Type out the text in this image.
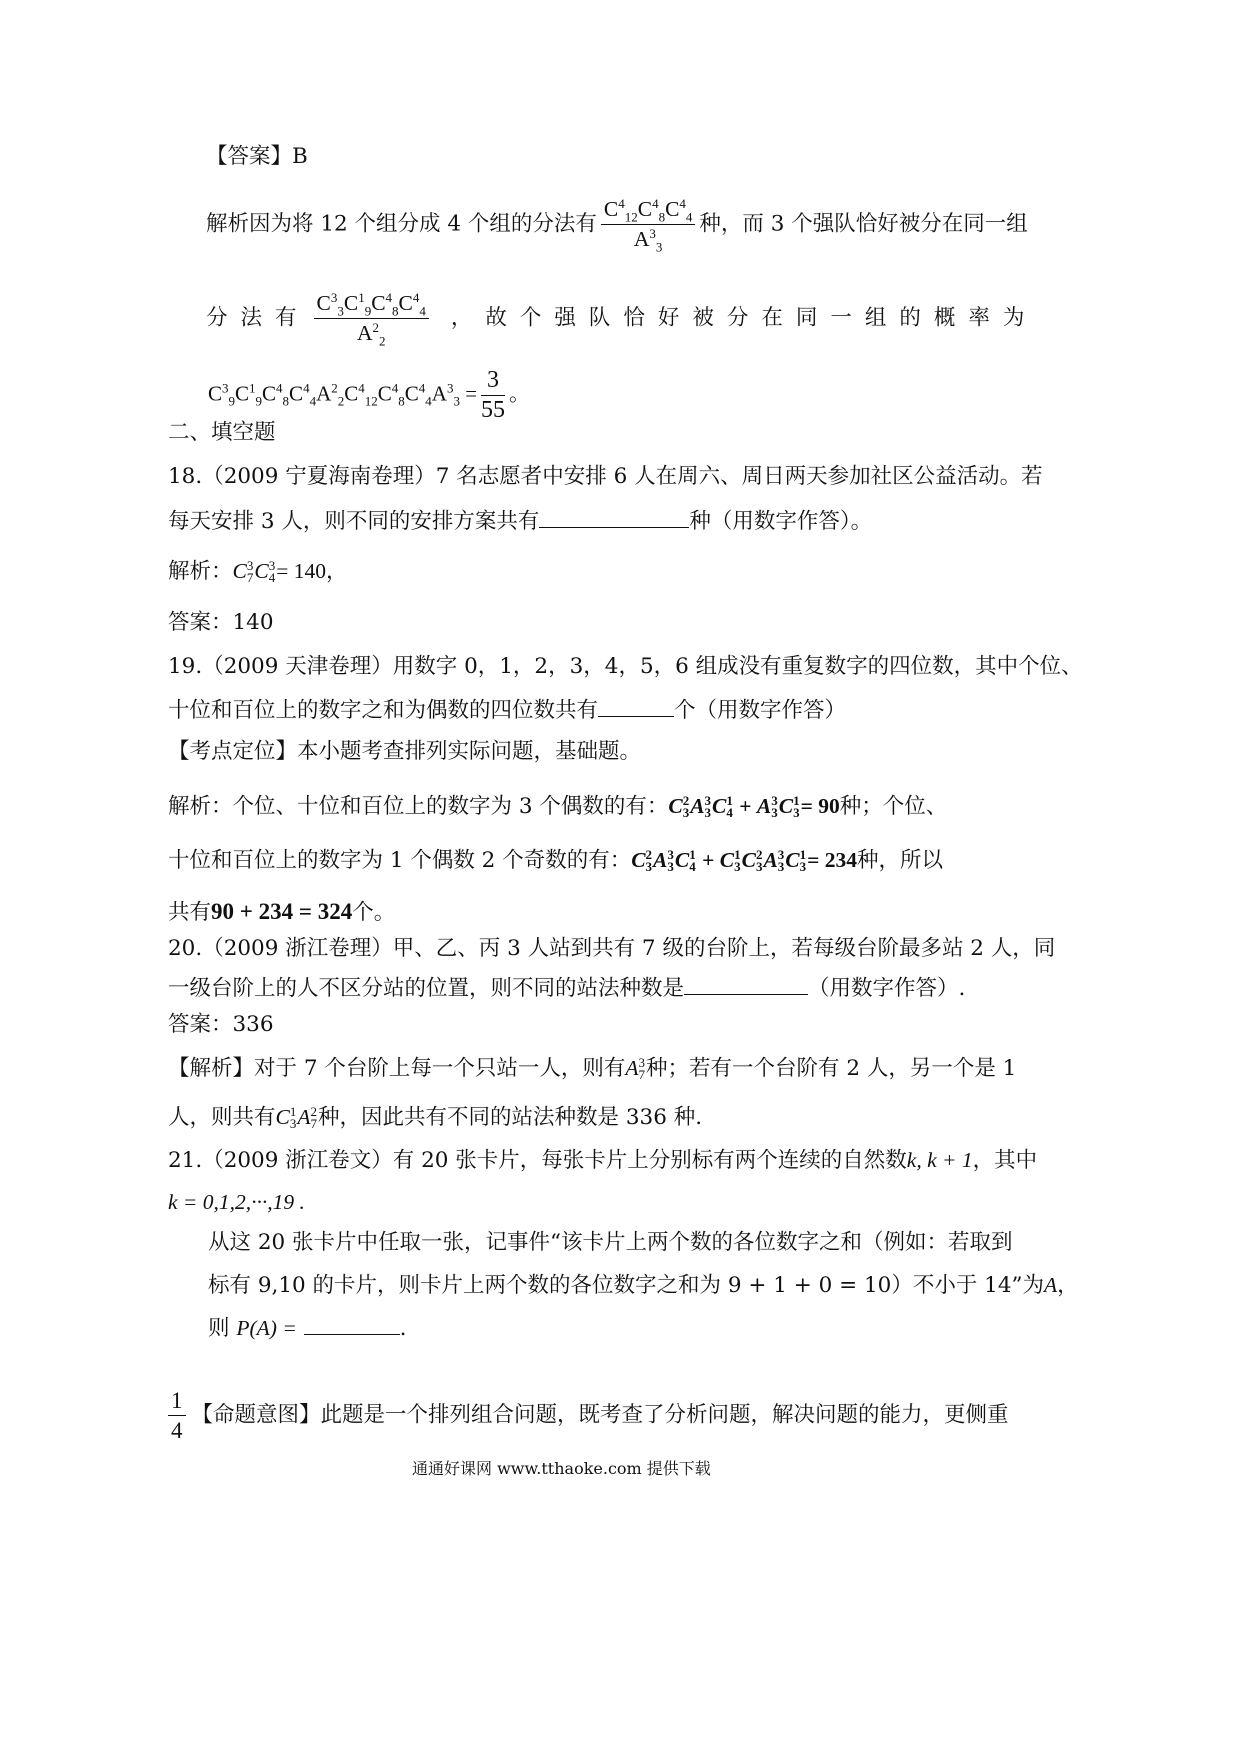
【答案】B
解析因为将 12 个组分成 4 个组的分法有 $\frac{C^4_{12}C^4_8C^4_4}{A^3_3}$ 种，而 3 个强队恰好被分在同一组
分法有 $\frac{C^3_3C^1_9C^4_8C^4_4}{A^2_2}$ ，故个强队恰好被分在同一组的概率为
$C^3_9C^1_9C^4_8C^4_4A^2_2C^4_{12}C^4_8C^4_4A^3_3 = \frac{3}{55}$ 。
二、填空题
18.（2009 宁夏海南卷理）7 名志愿者中安排 6 人在周六、周日两天参加社区公益活动。若
每天安排 3 人，则不同的安排方案共有	种（用数字作答）。
解析：C 3
7 C 3
4 = 140，
答案：140
19.（2009 天津卷理）用数字 0，1，2，3，4，5，6 组成没有重复数字的四位数，其中个位、
十位和百位上的数字之和为偶数的四位数共有	个（用数字作答）
【考点定位】本小题考查排列实际问题，基础题。
解析：个位、十位和百位上的数字为 3 个偶数的有：C 2
3 A 3
3 C 1
4 + A 3
3 C 1
3 = 90种；个位、
十位和百位上的数字为 1 个偶数 2 个奇数的有：C 2
3 A 3
3 C 1
4 + C 1
3 C 2
3 A 3
3 C 1
3 = 234种，所以
共有90 + 234 = 324个。
20.（2009 浙江卷理）甲、乙、丙 3 人站到共有 7 级的台阶上，若每级台阶最多站 2 人，同
一级台阶上的人不区分站的位置，则不同的站法种数是	（用数字作答）.
答案：336
【解析】对于 7 个台阶上每一个只站一人，则有A 3
7 种；若有一个台阶有 2 人，另一个是 1
人，则共有C 1
3 A 2
7 种，因此共有不同的站法种数是 336 种.
21.（2009 浙江卷文）有 20 张卡片，每张卡片上分别标有两个连续的自然数k, k + 1，其中
k = 0,1,2,···,19 .
从这 20 张卡片中任取一张，记事件“该卡片上两个数的各位数字之和（例如：若取到
标有 9,10 的卡片，则卡片上两个数的各位数字之和为 9 + 1 + 0 = 10）不小于 14”为A，
则 P(A) =	.
$\frac{1}{4}$ 【命题意图】此题是一个排列组合问题，既考查了分析问题，解决问题的能力，更侧重
通通好课网 www.tthaoke.com 提供下载
